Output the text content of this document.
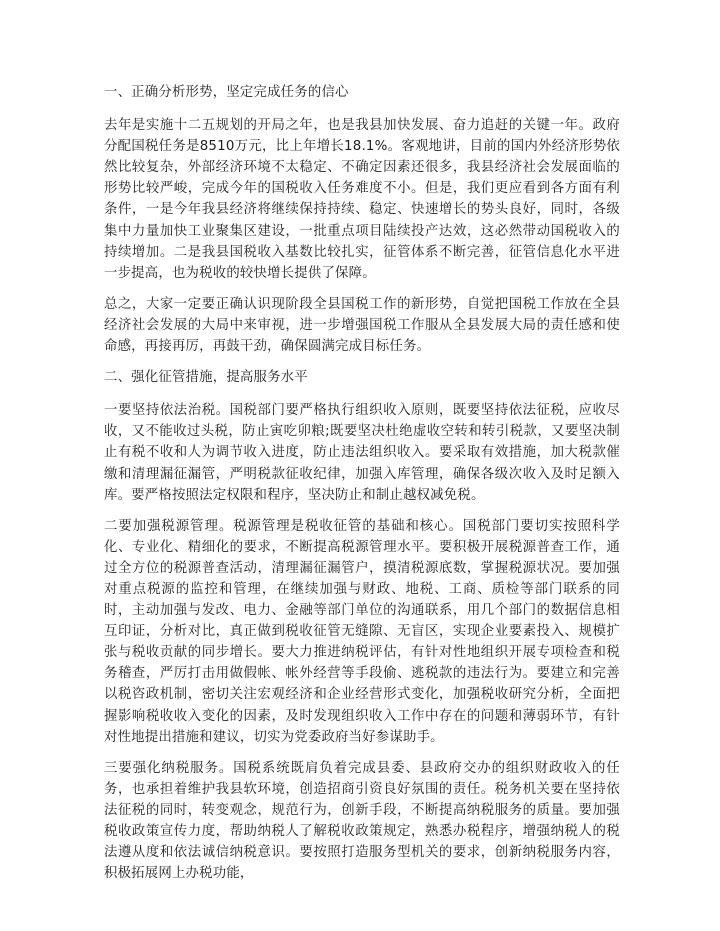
一、正确分析形势，坚定完成任务的信心

去年是实施十二五规划的开局之年，也是我县加快发展、奋力追赶的关键一年。政府分配国税任务是8510万元，比上年增长18.1%。客观地讲，目前的国内外经济形势依然比较复杂，外部经济环境不太稳定、不确定因素还很多，我县经济社会发展面临的形势比较严峻，完成今年的国税收入任务难度不小。但是，我们更应看到各方面有利条件，一是今年我县经济将继续保持持续、稳定、快速增长的势头良好，同时，各级集中力量加快工业聚集区建设，一批重点项目陆续投产达效，这必然带动国税收入的持续增加。二是我县国税收入基数比较扎实，征管体系不断完善，征管信息化水平进一步提高，也为税收的较快增长提供了保障。

总之，大家一定要正确认识现阶段全县国税工作的新形势，自觉把国税工作放在全县经济社会发展的大局中来审视，进一步增强国税工作服从全县发展大局的责任感和使命感，再接再厉，再鼓干劲，确保圆满完成目标任务。

二、强化征管措施，提高服务水平

一要坚持依法治税。国税部门要严格执行组织收入原则，既要坚持依法征税，应收尽收，又不能收过头税，防止寅吃卯粮;既要坚决杜绝虚收空转和转引税款，又要坚决制止有税不收和人为调节收入进度，防止违法组织收入。要采取有效措施，加大税款催缴和清理漏征漏管，严明税款征收纪律，加强入库管理，确保各级次收入及时足额入库。要严格按照法定权限和程序，坚决防止和制止越权减免税。

二要加强税源管理。税源管理是税收征管的基础和核心。国税部门要切实按照科学化、专业化、精细化的要求，不断提高税源管理水平。要积极开展税源普查工作，通过全方位的税源普查活动，清理漏征漏管户，摸清税源底数，掌握税源状况。要加强对重点税源的监控和管理，在继续加强与财政、地税、工商、质检等部门联系的同时，主动加强与发改、电力、金融等部门单位的沟通联系，用几个部门的数据信息相互印证，分析对比，真正做到税收征管无缝隙、无盲区，实现企业要素投入、规模扩张与税收贡献的同步增长。要大力推进纳税评估，有针对性地组织开展专项检查和税务稽查，严厉打击用做假帐、帐外经营等手段偷、逃税款的违法行为。要建立和完善以税咨政机制，密切关注宏观经济和企业经营形式变化，加强税收研究分析，全面把握影响税收收入变化的因素，及时发现组织收入工作中存在的问题和薄弱环节，有针对性地提出措施和建议，切实为党委政府当好参谋助手。

三要强化纳税服务。国税系统既肩负着完成县委、县政府交办的组织财政收入的任务，也承担着维护我县软环境，创造招商引资良好氛围的责任。税务机关要在坚持依法征税的同时，转变观念，规范行为，创新手段，不断提高纳税服务的质量。要加强税收政策宣传力度，帮助纳税人了解税收政策规定，熟悉办税程序，增强纳税人的税法遵从度和依法诚信纳税意识。要按照打造服务型机关的要求，创新纳税服务内容，积极拓展网上办税功能，
